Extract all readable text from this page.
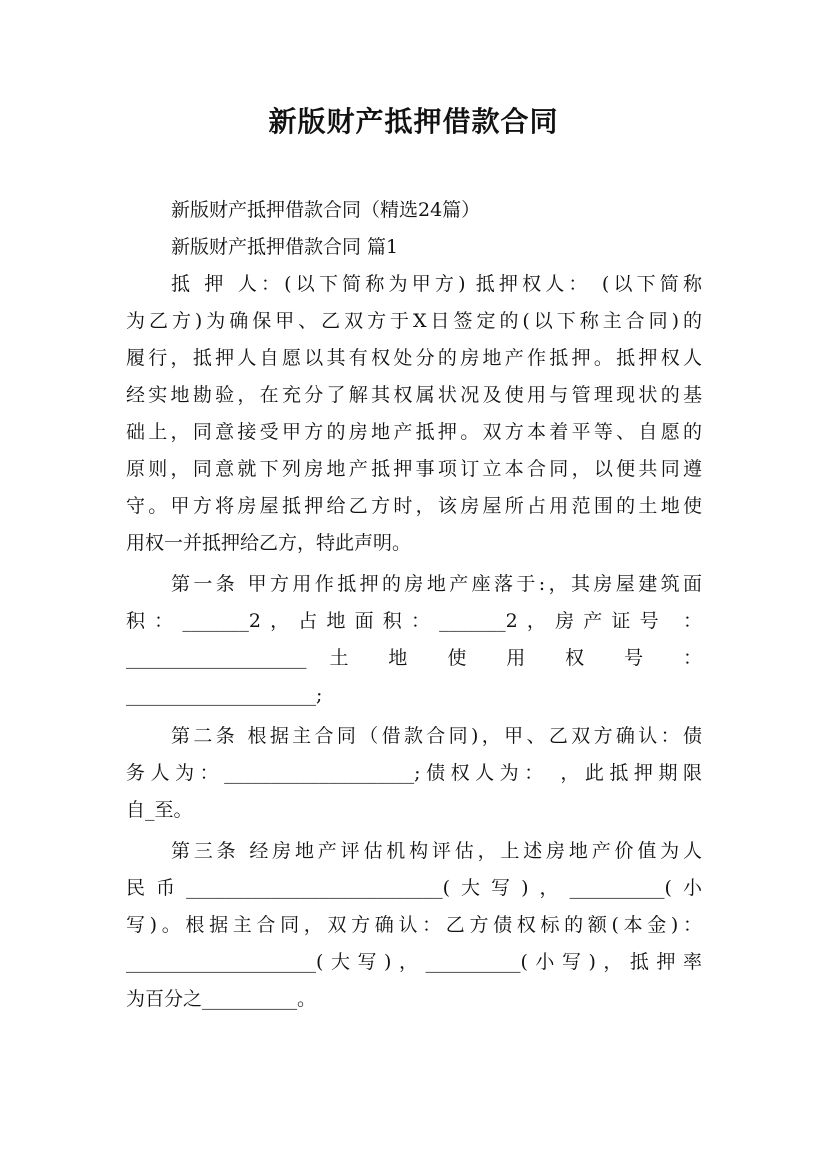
新版财产抵押借款合同
新版财产抵押借款合同（精选24篇）
新版财产抵押借款合同 篇1
抵 押 人：(以下简称为甲方) 抵押权人： (以下简称
为乙方)为确保甲、乙双方于X日签定的(以下称主合同)的
履行，抵押人自愿以其有权处分的房地产作抵押。抵押权人
经实地勘验，在充分了解其权属状况及使用与管理现状的基
础上，同意接受甲方的房地产抵押。双方本着平等、自愿的
原则，同意就下列房地产抵押事项订立本合同，以便共同遵
守。甲方将房屋抵押给乙方时，该房屋所占用范围的土地使
用权一并抵押给乙方，特此声明。
第一条 甲方用作抵押的房地产座落于:，其房屋建筑面
积：_______2，占地面积：_______2，房产证号 ：
___________________ 土 地 使 用 权 号 ：
____________________;
第二条 根据主合同（借款合同)，甲、乙双方确认：债
务人为：____________________;债权人为： ，此抵押期限
自_至。
第三条 经房地产评估机构评估，上述房地产价值为人
民币___________________________(大写)，__________(小
写)。根据主合同，双方确认：乙方债权标的额(本金)：
____________________(大写)，__________(小写)，抵押率
为百分之__________。
